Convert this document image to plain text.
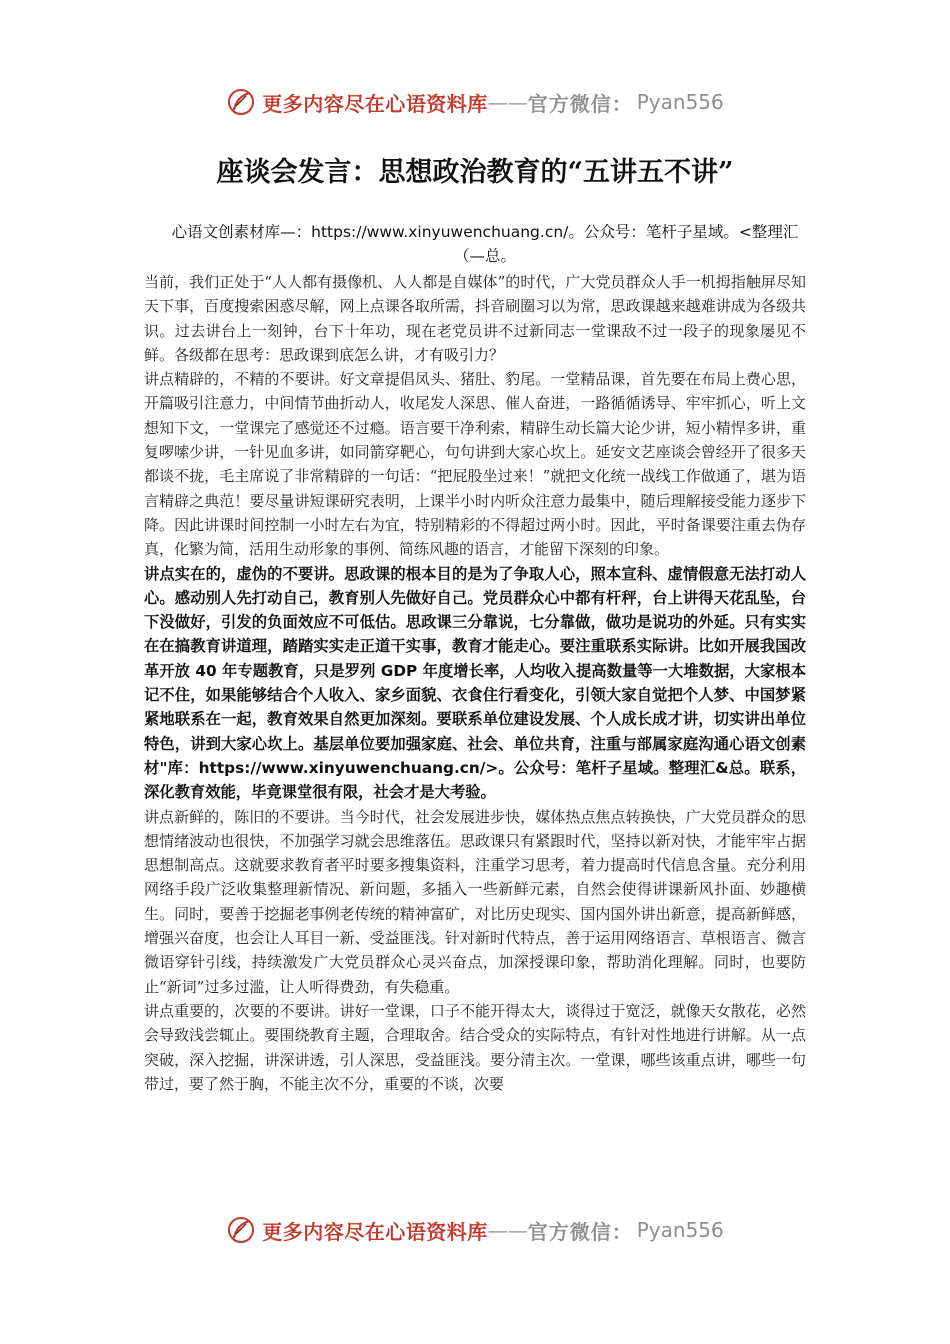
更多内容尽在心语资料库 —— 官方微信： Pyan556
座谈会发言：思想政治教育的“五讲五不讲”
心语文创素材库—：https://www.xinyuwenchuang.cn/。公众号：笔杆子星域。<整理汇（—总。

当前，我们正处于“人人都有摄像机、人人都是自媒体”的时代，广大党员群众人手一机拇指触屏尽知天下事，百度搜索困惑尽解，网上点课各取所需，抖音刷圈习以为常，思政课越来越难讲成为各级共识。过去讲台上一刻钟，台下十年功，现在老党员讲不过新同志一堂课敌不过一段子的现象屡见不鲜。各级都在思考：思政课到底怎么讲，才有吸引力？

讲点精辟的，不精的不要讲。好文章提倡凤头、猪肚、豹尾。一堂精品课，首先要在布局上费心思，开篇吸引注意力，中间情节曲折动人，收尾发人深思、催人奋进，一路循循诱导、牢牢抓心，听上文想知下文，一堂课完了感觉还不过瘾。语言要干净利索，精辟生动长篇大论少讲，短小精悍多讲，重复啰嗦少讲，一针见血多讲，如同箭穿靶心，句句讲到大家心坎上。延安文艺座谈会曾经开了很多天都谈不拢，毛主席说了非常精辟的一句话：“把屁股坐过来！”就把文化统一战线工作做通了，堪为语言精辟之典范！要尽量讲短课研究表明，上课半小时内听众注意力最集中，随后理解接受能力逐步下降。因此讲课时间控制一小时左右为宜，特别精彩的不得超过两小时。因此，平时备课要注重去伪存真，化繁为简，活用生动形象的事例、简练风趣的语言，才能留下深刻的印象。

讲点实在的，虚伪的不要讲。思政课的根本目的是为了争取人心，照本宣科、虚情假意无法打动人心。感动别人先打动自己，教育别人先做好自己。党员群众心中都有杆秤，台上讲得天花乱坠，台下没做好，引发的负面效应不可低估。思政课三分靠说，七分靠做，做功是说功的外延。只有实实在在搞教育讲道理，踏踏实实走正道干实事，教育才能走心。要注重联系实际讲。比如开展我国改革开放 40 年专题教育，只是罗列 GDP 年度增长率，人均收入提高数量等一大堆数据，大家根本记不住，如果能够结合个人收入、家乡面貌、衣食住行看变化，引领大家自觉把个人梦、中国梦紧紧地联系在一起，教育效果自然更加深刻。要联系单位建设发展、个人成长成才讲，切实讲出单位特色，讲到大家心坎上。基层单位要加强家庭、社会、单位共育，注重与部属家庭沟通心语文创素材"库：https://www.xinyuwenchuang.cn/>。公众号：笔杆子星域。整理汇&总。联系，深化教育效能，毕竟课堂很有限，社会才是大考验。

讲点新鲜的，陈旧的不要讲。当今时代，社会发展进步快，媒体热点焦点转换快，广大党员群众的思想情绪波动也很快，不加强学习就会思维落伍。思政课只有紧跟时代，坚持以新对快，才能牢牢占据思想制高点。这就要求教育者平时要多搜集资料，注重学习思考，着力提高时代信息含量。充分利用网络手段广泛收集整理新情况、新问题，多插入一些新鲜元素，自然会使得讲课新风扑面、妙趣横生。同时，要善于挖掘老事例老传统的精神富矿，对比历史现实、国内国外讲出新意，提高新鲜感，增强兴奋度，也会让人耳目一新、受益匪浅。针对新时代特点，善于运用网络语言、草根语言、微言微语穿针引线，持续激发广大党员群众心灵兴奋点，加深授课印象，帮助消化理解。同时，也要防止“新词”过多过滥，让人听得费劲，有失稳重。

讲点重要的，次要的不要讲。讲好一堂课，口子不能开得太大，谈得过于宽泛，就像天女散花，必然会导致浅尝辄止。要围绕教育主题，合理取舍。结合受众的实际特点，有针对性地进行讲解。从一点突破，深入挖掘，讲深讲透，引人深思，受益匪浅。要分清主次。一堂课，哪些该重点讲，哪些一句带过，要了然于胸，不能主次不分，重要的不谈，次要

更多内容尽在心语资料库 —— 官方微信： Pyan556
